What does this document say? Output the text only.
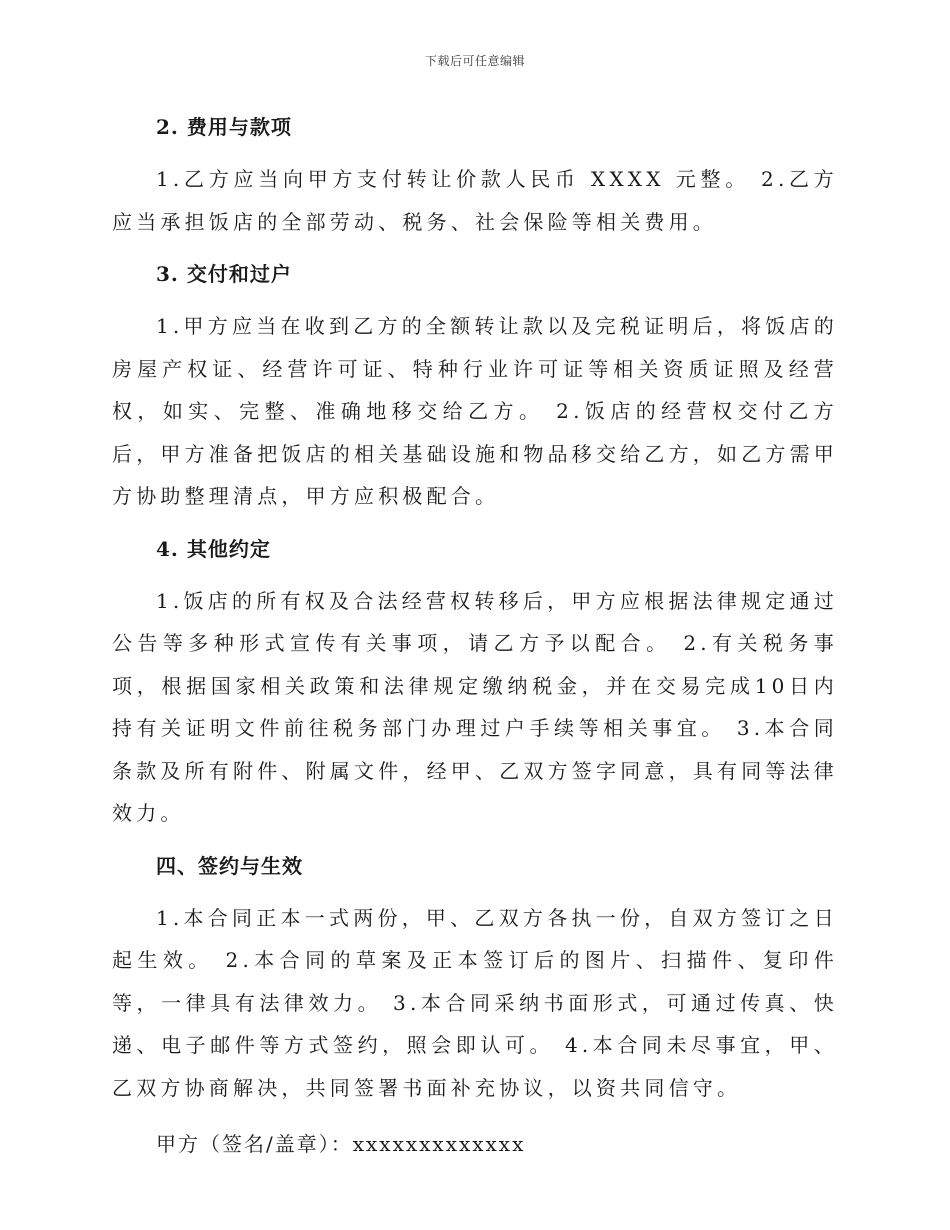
下载后可任意编辑
2. 费用与款项

1.乙方应当向甲方支付转让价款人民币 XXXX 元整。 2.乙方应当承担饭店的全部劳动、税务、社会保险等相关费用。

3. 交付和过户

1.甲方应当在收到乙方的全额转让款以及完税证明后，将饭店的房屋产权证、经营许可证、特种行业许可证等相关资质证照及经营权，如实、完整、准确地移交给乙方。 2.饭店的经营权交付乙方后，甲方准备把饭店的相关基础设施和物品移交给乙方，如乙方需甲方协助整理清点，甲方应积极配合。

4. 其他约定

1.饭店的所有权及合法经营权转移后，甲方应根据法律规定通过公告等多种形式宣传有关事项，请乙方予以配合。 2.有关税务事项，根据国家相关政策和法律规定缴纳税金，并在交易完成10日内持有关证明文件前往税务部门办理过户手续等相关事宜。 3.本合同条款及所有附件、附属文件，经甲、乙双方签字同意，具有同等法律效力。

四、签约与生效

1.本合同正本一式两份，甲、乙双方各执一份，自双方签订之日起生效。 2.本合同的草案及正本签订后的图片、扫描件、复印件等，一律具有法律效力。 3.本合同采纳书面形式，可通过传真、快递、电子邮件等方式签约，照会即认可。 4.本合同未尽事宜，甲、乙双方协商解决，共同签署书面补充协议，以资共同信守。

甲方（签名/盖章）：xxxxxxxxxxxxx
